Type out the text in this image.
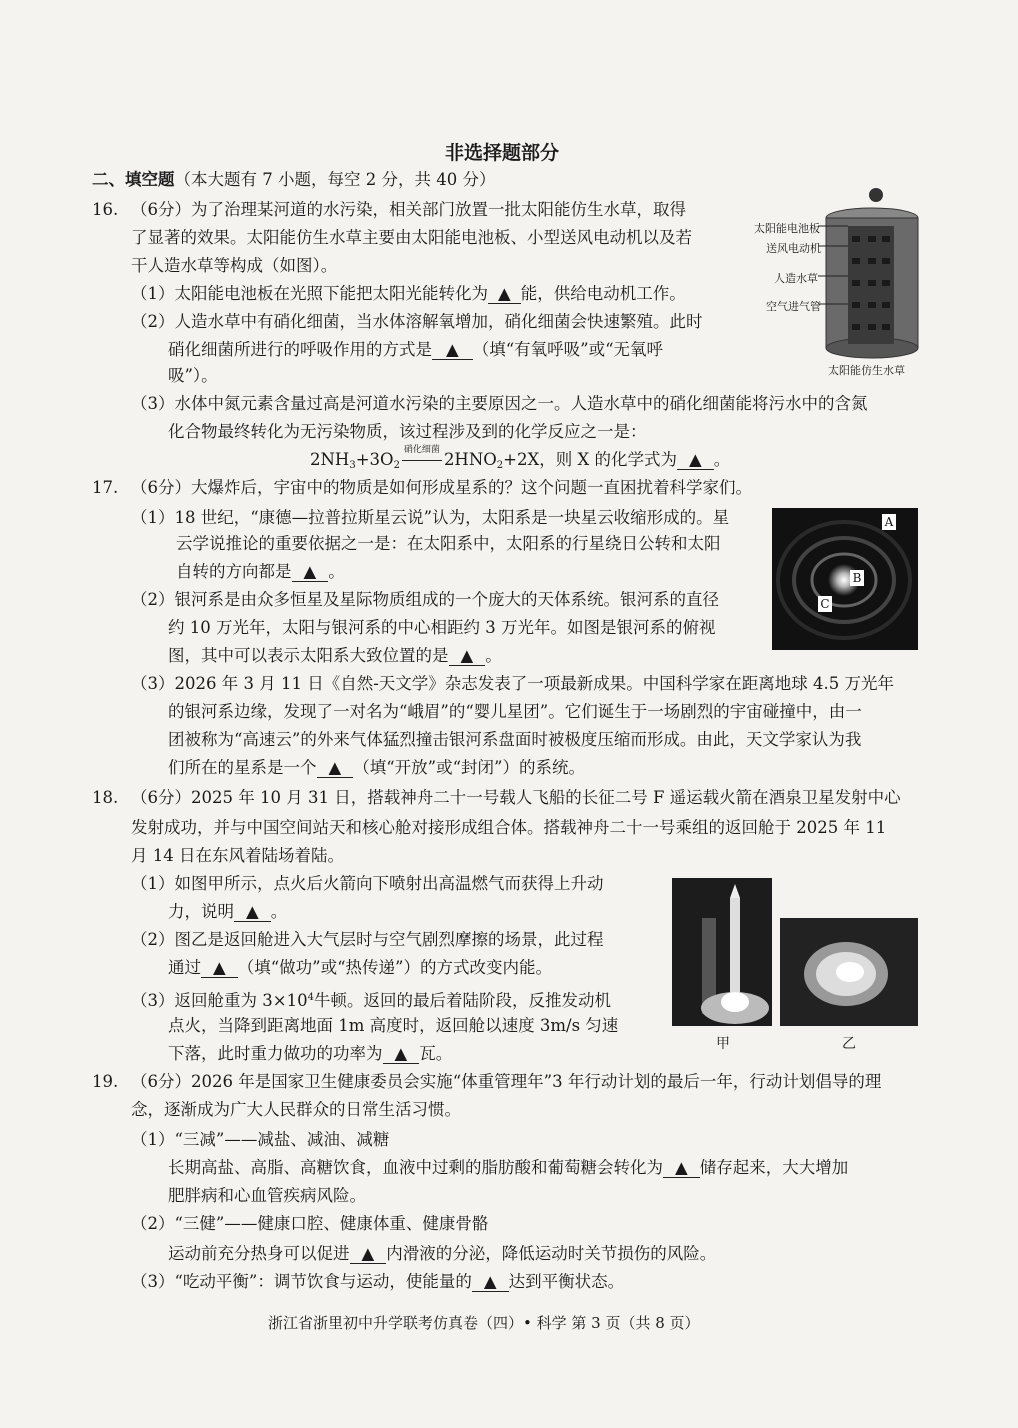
非选择题部分
二、填空题（本大题有 7 小题，每空 2 分，共 40 分）
16. （6分）为了治理某河道的水污染，相关部门放置一批太阳能仿生水草，取得
了显著的效果。太阳能仿生水草主要由太阳能电池板、小型送风电动机以及若
干人造水草等构成（如图）。
（1）太阳能电池板在光照下能把太阳光能转化为 ▲ 能，供给电动机工作。
（2）人造水草中有硝化细菌，当水体溶解氧增加，硝化细菌会快速繁殖。此时
硝化细菌所进行的呼吸作用的方式是 ▲ （填“有氧呼吸”或“无氧呼
吸”）。
（3）水体中氮元素含量过高是河道水污染的主要原因之一。人造水草中的硝化细菌能将污水中的含氮
化合物最终转化为无污染物质，该过程涉及到的化学反应之一是：
$2NH_3+3O_2$
硝化细菌 $2HNO_2+2X$，则 X 的化学式为 ▲ 。
太阳能电池板
送风电动机
人造水草
空气进气管
太阳能仿生水草
17. （6分）大爆炸后，宇宙中的物质是如何形成星系的？这个问题一直困扰着科学家们。
（1）18 世纪，“康德—拉普拉斯星云说”认为，太阳系是一块星云收缩形成的。星
云学说推论的重要依据之一是：在太阳系中，太阳系的行星绕日公转和太阳
自转的方向都是 ▲ 。
（2）银河系是由众多恒星及星际物质组成的一个庞大的天体系统。银河系的直径
约 10 万光年，太阳与银河系的中心相距约 3 万光年。如图是银河系的俯视
图，其中可以表示太阳系大致位置的是 ▲ 。
（3）2026 年 3 月 11 日《自然-天文学》杂志发表了一项最新成果。中国科学家在距离地球 4.5 万光年
的银河系边缘，发现了一对名为“峨眉”的“婴儿星团”。它们诞生于一场剧烈的宇宙碰撞中，由一
团被称为“高速云”的外来气体猛烈撞击银河系盘面时被极度压缩而形成。由此，天文学家认为我
们所在的星系是一个 ▲ （填“开放”或“封闭”）的系统。
A
B
C
18. （6分）2025 年 10 月 31 日，搭载神舟二十一号载人飞船的长征二号 F 遥运载火箭在酒泉卫星发射中心
发射成功，并与中国空间站天和核心舱对接形成组合体。搭载神舟二十一号乘组的返回舱于 2025 年 11
月 14 日在东风着陆场着陆。
（1）如图甲所示，点火后火箭向下喷射出高温燃气而获得上升动
力，说明 ▲ 。
（2）图乙是返回舱进入大气层时与空气剧烈摩擦的场景，此过程
通过 ▲ （填“做功”或“热传递”）的方式改变内能。
（3）返回舱重为 $3\times 10^4$牛顿。返回的最后着陆阶段，反推发动机
点火，当降到距离地面 1m 高度时，返回舱以速度 3m/s 匀速
下落，此时重力做功的功率为 ▲ 瓦。	甲	乙
19. （6分）2026 年是国家卫生健康委员会实施“体重管理年”3 年行动计划的最后一年，行动计划倡导的理
念，逐渐成为广大人民群众的日常生活习惯。
（1）“三减”——减盐、减油、减糖
长期高盐、高脂、高糖饮食，血液中过剩的脂肪酸和葡萄糖会转化为 ▲ 储存起来，大大增加
肥胖病和心血管疾病风险。
（2）“三健”——健康口腔、健康体重、健康骨骼
运动前充分热身可以促进 ▲ 内滑液的分泌，降低运动时关节损伤的风险。
（3）“吃动平衡”：调节饮食与运动，使能量的 ▲ 达到平衡状态。
浙江省浙里初中升学联考仿真卷（四）• 科学 第 3 页（共 8 页）
